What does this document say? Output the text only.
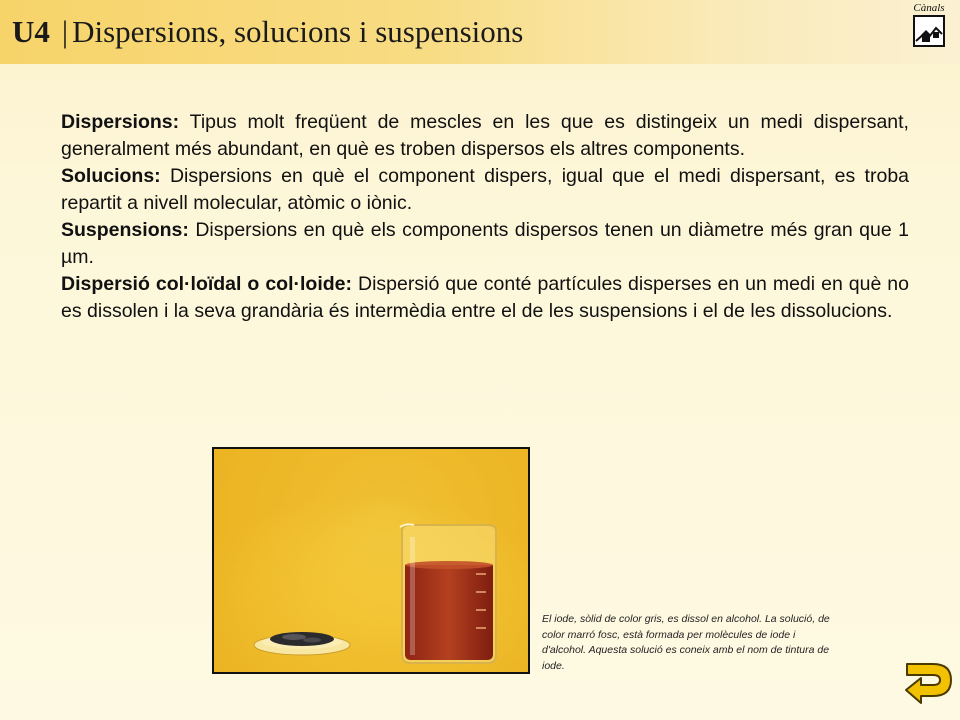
U4 | Dispersions, solucions i suspensions
Cànals

Dispersions: Tipus molt freqüent de mescles en les que es distingeix un medi dispersant, generalment més abundant, en què es troben dispersos els altres components.

Solucions: Dispersions en què el component dispers, igual que el medi dispersant, es troba repartit a nivell molecular, atòmic o iònic.

Suspensions: Dispersions en què els components dispersos tenen un diàmetre més gran que 1 µm.

Dispersió col·loïdal o col·loide: Dispersió que conté partícules disperses en un medi en què no es dissolen i la seva grandària és intermèdia entre el de les suspensions i el de les dissolucions.

El iode, sòlid de color gris, es dissol en alcohol. La solució, de color marró fosc, està formada per molècules de iode i d'alcohol. Aquesta solució es coneix amb el nom de tintura de iode.
